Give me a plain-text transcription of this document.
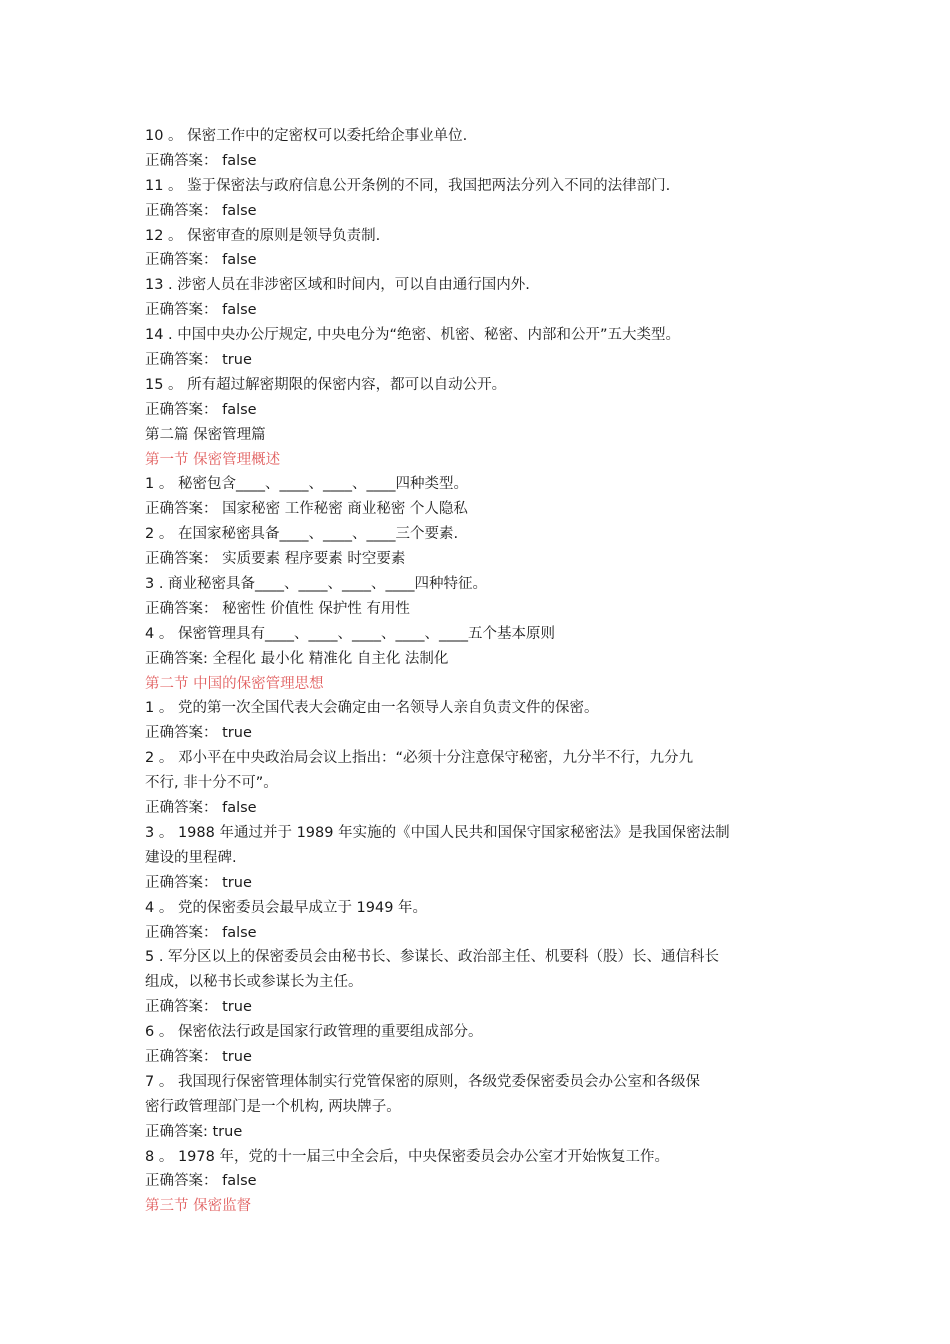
10 。 保密工作中的定密权可以委托给企事业单位.
正确答案： false
11 。 鉴于保密法与政府信息公开条例的不同，我国把两法分列入不同的法律部门.
正确答案： false
12 。 保密审查的原则是领导负责制.
正确答案： false
13 . 涉密人员在非涉密区域和时间内，可以自由通行国内外.
正确答案： false
14 . 中国中央办公厅规定, 中央电分为“绝密、机密、秘密、内部和公开”五大类型。
正确答案： true
15 。 所有超过解密期限的保密内容，都可以自动公开。
正确答案： false
第二篇 保密管理篇
第一节 保密管理概述
1 。 秘密包含____、____、____、____四种类型。
正确答案： 国家秘密 工作秘密 商业秘密 个人隐私
2 。 在国家秘密具备____、____、____三个要素.
正确答案： 实质要素 程序要素 时空要素
3 . 商业秘密具备____、____、____、____四种特征。
正确答案： 秘密性 价值性 保护性 有用性
4 。 保密管理具有____、____、____、____、____五个基本原则
正确答案: 全程化 最小化 精准化 自主化 法制化
第二节 中国的保密管理思想
1 。 党的第一次全国代表大会确定由一名领导人亲自负责文件的保密。
正确答案： true
2 。 邓小平在中央政治局会议上指出：“必须十分注意保守秘密，九分半不行，九分九
不行, 非十分不可”。
正确答案： false
3 。 1988 年通过并于 1989 年实施的《中国人民共和国保守国家秘密法》是我国保密法制
建设的里程碑.
正确答案： true
4 。 党的保密委员会最早成立于 1949 年。
正确答案： false
5 . 军分区以上的保密委员会由秘书长、参谋长、政治部主任、机要科（股）长、通信科长
组成，以秘书长或参谋长为主任。
正确答案： true
6 。 保密依法行政是国家行政管理的重要组成部分。
正确答案： true
7 。 我国现行保密管理体制实行党管保密的原则，各级党委保密委员会办公室和各级保
密行政管理部门是一个机构, 两块牌子。
正确答案: true
8 。 1978 年，党的十一届三中全会后，中央保密委员会办公室才开始恢复工作。
正确答案： false
第三节 保密监督
